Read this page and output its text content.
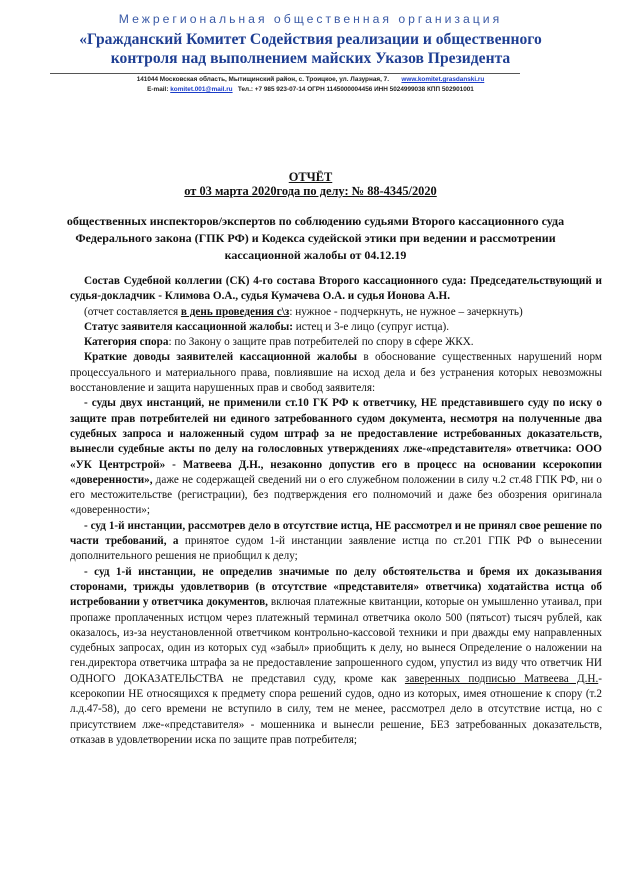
Межрегиональная общественная организация
«Гражданский Комитет Содействия реализации и общественного
контроля над выполнением майских Указов Президента
141044 Московская область, Мытищинский район, с. Троицкое, ул. Лазурная, 7. www.komitet.grasdanski.ru
E-mail: komitet.001@mail.ru Тел.: +7 985 923-07-14 ОГРН 1145000004456 ИНН 5024999038 КПП 502901001
ОТЧЁТ
от 03 марта 2020года по делу: № 88-4345/2020
общественных инспекторов/экспертов по соблюдению судьями Второго кассационного суда
Федерального закона (ГПК РФ) и Кодекса судейской этики при ведении и рассмотрении
кассационной жалобы от 04.12.19

Состав Судебной коллегии (СК) 4-го состава Второго кассационного суда: Председательствующий и судья-докладчик - Климова О.А., судья Кумачева О.А. и судья Ионова А.Н.

(отчет составляется в день проведения с\з: нужное - подчеркнуть, не нужное – зачеркнуть)

Статус заявителя кассационной жалобы: истец и 3-е лицо (супруг истца).

Категория спора: по Закону о защите прав потребителей по спору в сфере ЖКХ.

Краткие доводы заявителей кассационной жалобы в обоснование существенных нарушений норм процессуального и материального права, повлиявшие на исход дела и без устранения которых невозможны восстановление и защита нарушенных прав и свобод заявителя:

- суды двух инстанций, не применили ст.10 ГК РФ к ответчику, НЕ представившего суду по иску о защите прав потребителей ни единого затребованного судом документа, несмотря на полученные два судебных запроса и наложенный судом штраф за не предоставление истребованных доказательств, вынесли судебные акты по делу на голословных утверждениях лже-«представителя» ответчика: ООО «УК Центрстрой» - Матвеева Д.Н., незаконно допустив его в процесс на основании ксерокопии «доверенности», даже не содержащей сведений ни о его служебном положении в силу ч.2 ст.48 ГПК РФ, ни о его местожительстве (регистрации), без подтверждения его полномочий и даже без обозрения оригинала «доверенности»;

- суд 1-й инстанции, рассмотрев дело в отсутствие истца, НЕ рассмотрел и не принял свое решение по части требований, а принятое судом 1-й инстанции заявление истца по ст.201 ГПК РФ о вынесении дополнительного решения не приобщил к делу;

- суд 1-й инстанции, не определив значимые по делу обстоятельства и бремя их доказывания сторонами, трижды удовлетворив (в отсутствие «представителя» ответчика) ходатайства истца об истребовании у ответчика документов, включая платежные квитанции, которые он умышленно утаивал, при пропаже проплаченных истцом через платежный терминал ответчика около 500 (пятьсот) тысяч рублей, как оказалось, из-за неустановленной ответчиком контрольно-кассовой техники и при дважды ему направленных судебных запросах, один из которых суд «забыл» приобщить к делу, но вынеся Определение о наложении на ген.директора ответчика штрафа за не предоставление запрошенного судом, упустил из виду что ответчик НИ ОДНОГО ДОКАЗАТЕЛЬСТВА не представил суду, кроме как заверенных подписью Матвеева Д.Н.- ксерокопии НЕ относящихся к предмету спора решений судов, одно из которых, имея отношение к спору (т.2 л.д.47-58), до сего времени не вступило в силу, тем не менее, рассмотрел дело в отсутствие истца, но с присутствием лже-«представителя» - мошенника и вынесли решение, БЕЗ затребованных доказательств, отказав в удовлетворении иска по защите прав потребителя;
